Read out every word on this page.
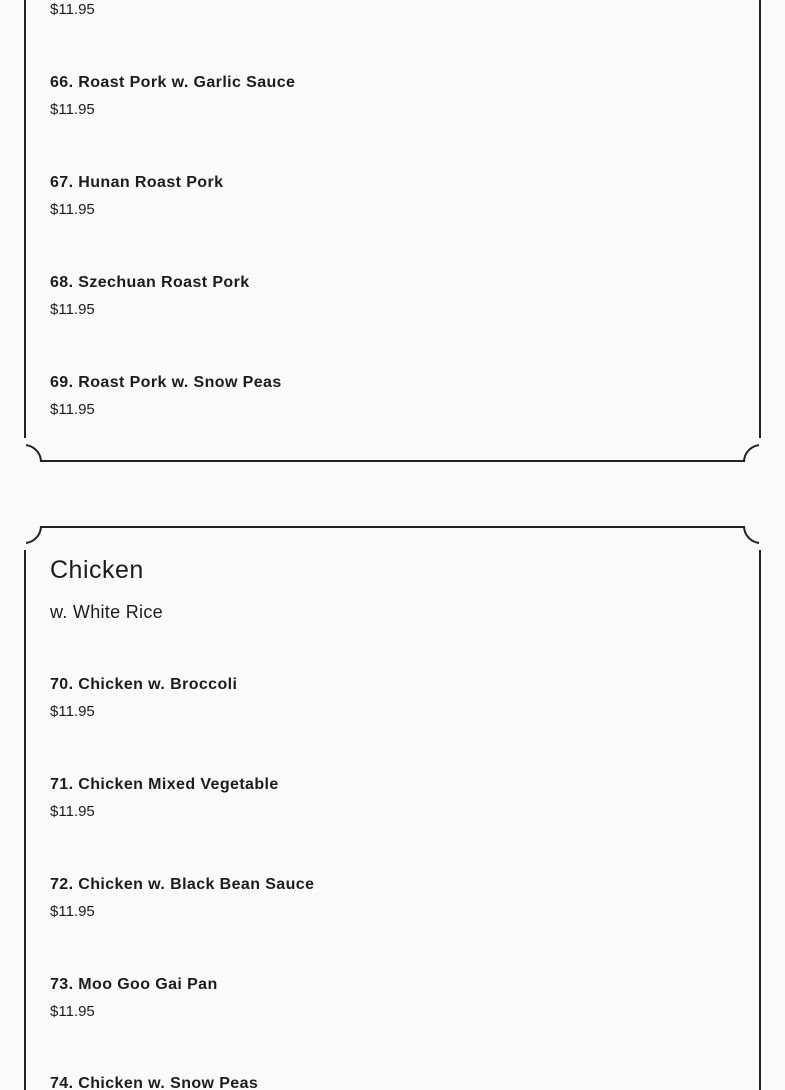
$11.95
66. Roast Pork w. Garlic Sauce
$11.95
67. Hunan Roast Pork
$11.95
68. Szechuan Roast Pork
$11.95
69. Roast Pork w. Snow Peas
$11.95
Chicken
w. White Rice
70. Chicken w. Broccoli
$11.95
71. Chicken Mixed Vegetable
$11.95
72. Chicken w. Black Bean Sauce
$11.95
73. Moo Goo Gai Pan
$11.95
74. Chicken w. Snow Peas
